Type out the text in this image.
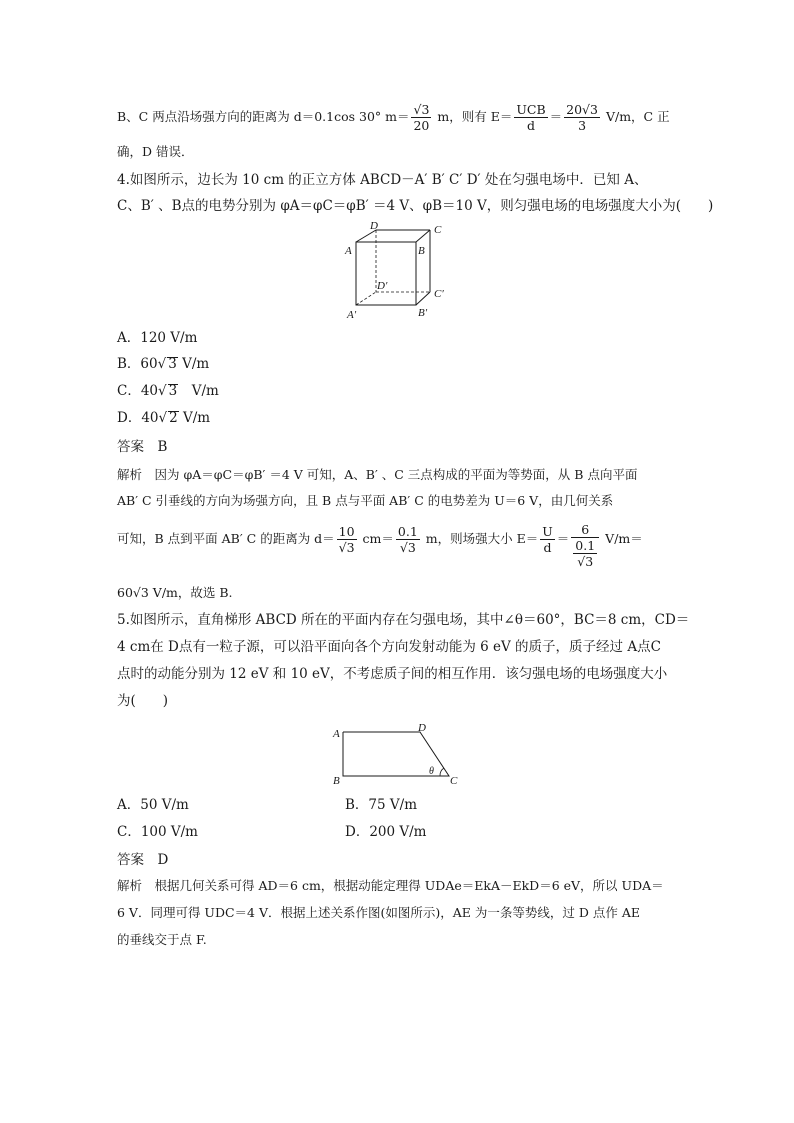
B、C 两点沿场强方向的距离为 d＝0.1cos 30° $m= \frac{√3}{20}$ m，则有 $E= \frac{\text{UCB}}{d} = \frac{20√3}{3} V/m$，C 正
确，D 错误．
4.如图所示，边长为 10 cm 的正立方体 ABCD－A′ B′ C′ D′ 处在匀强电场中．已知 A、
C、B′ 、B点的电势分别为 φA＝φC＝φB′ ＝4 V、φB＝10 V，则匀强电场的电场强度大小为(　　)
D	C
A	B
D′
C′
A′	B′
A．120 V/m
B．60 √ 3 V/m
C．40 √ 3　V/m
D．40 √ 2 V/m
答案　B
解析　因为 φA＝φC＝φB′ ＝4 V 可知，A、B′ 、C 三点构成的平面为等势面，从 B 点向平面
AB′ C 引垂线的方向为场强方向，且 B 点与平面 AB′ C 的电势差为 U＝6 V，由几何关系
可知，B 点到平面 AB′ C 的距离为 $d= \frac{10}{√3} cm= \frac{0.1}{√3}$ m，则场强大小 $E= \frac{U}{d} = \frac{6}{\frac{0.1}{√3}} V/m=$
60√3 V/m，故选 B.
5.如图所示，直角梯形 ABCD 所在的平面内存在匀强电场，其中∠θ＝60°，BC＝8 cm，CD＝
4 cm在 D点有一粒子源，可以沿平面向各个方向发射动能为 6 eV 的质子，质子经过 A点C
点时的动能分别为 12 eV 和 10 eV，不考虑质子间的相互作用．该匀强电场的电场强度大小
为(　　)
A	D
B	C
θ
A．50 V/m	B．75 V/m
C．100 V/m	D．200 V/m
答案　D
解析　根据几何关系可得 AD＝6 cm，根据动能定理得 UDAe＝EkA－EkD＝6 eV，所以 UDA＝
6 V．同理可得 UDC＝4 V．根据上述关系作图(如图所示)，AE 为一条等势线，过 D 点作 AE
的垂线交于点 F.
